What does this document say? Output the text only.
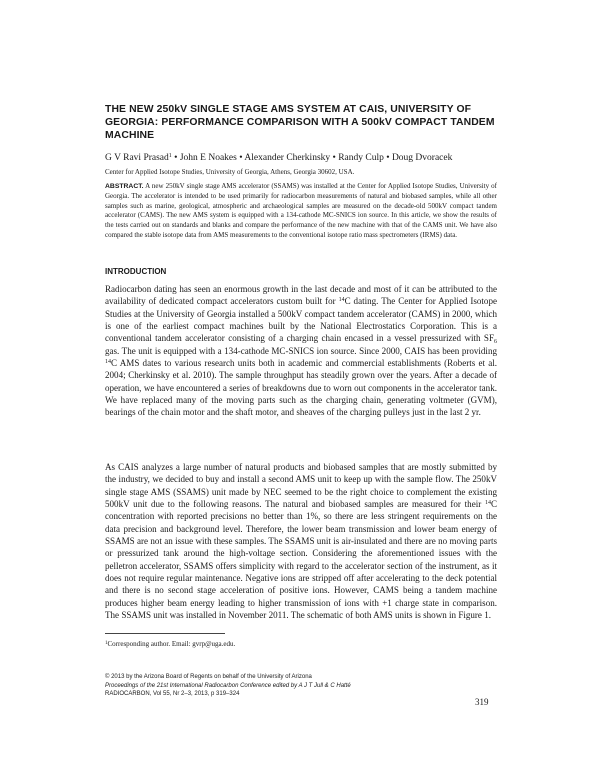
THE NEW 250kV SINGLE STAGE AMS SYSTEM AT CAIS, UNIVERSITY OF GEORGIA: PERFORMANCE COMPARISON WITH A 500kV COMPACT TANDEM MACHINE
G V Ravi Prasad$^1$ • John E Noakes • Alexander Cherkinsky • Randy Culp • Doug Dvoracek
Center for Applied Isotope Studies, University of Georgia, Athens, Georgia 30602, USA.
ABSTRACT. A new 250kV single stage AMS accelerator (SSAMS) was installed at the Center for Applied Isotope Studies, University of Georgia. The accelerator is intended to be used primarily for radiocarbon measurements of natural and biobased samples, while all other samples such as marine, geological, atmospheric and archaeological samples are measured on the decade-old 500kV compact tandem accelerator (CAMS). The new AMS system is equipped with a 134-cathode MC-SNICS ion source. In this article, we show the results of the tests carried out on standards and blanks and compare the performance of the new machine with that of the CAMS unit. We have also compared the stable isotope data from AMS measurements to the conventional isotope ratio mass spectrometers (IRMS) data.
INTRODUCTION
Radiocarbon dating has seen an enormous growth in the last decade and most of it can be attributed to the availability of dedicated compact accelerators custom built for $^{14}$C dating. The Center for Applied Isotope Studies at the University of Georgia installed a 500kV compact tandem accelerator (CAMS) in 2000, which is one of the earliest compact machines built by the National Electrostatics Corporation. This is a conventional tandem accelerator consisting of a charging chain encased in a vessel pressurized with $SF_6$ gas. The unit is equipped with a 134-cathode MC-SNICS ion source. Since 2000, CAIS has been providing $^{14}$C AMS dates to various research units both in academic and commercial establishments (Roberts et al. 2004; Cherkinsky et al. 2010). The sample throughput has steadily grown over the years. After a decade of operation, we have encountered a series of breakdowns due to worn out components in the accelerator tank. We have replaced many of the moving parts such as the charging chain, generating voltmeter (GVM), bearings of the chain motor and the shaft motor, and sheaves of the charging pulleys just in the last 2 yr.
As CAIS analyzes a large number of natural products and biobased samples that are mostly submitted by the industry, we decided to buy and install a second AMS unit to keep up with the sample flow. The 250kV single stage AMS (SSAMS) unit made by NEC seemed to be the right choice to complement the existing 500kV unit due to the following reasons. The natural and biobased samples are measured for their $^{14}$C concentration with reported precisions no better than 1%, so there are less stringent requirements on the data precision and background level. Therefore, the lower beam transmission and lower beam energy of SSAMS are not an issue with these samples. The SSAMS unit is air-insulated and there are no moving parts or pressurized tank around the high-voltage section. Considering the aforementioned issues with the pelletron accelerator, SSAMS offers simplicity with regard to the accelerator section of the instrument, as it does not require regular maintenance. Negative ions are stripped off after accelerating to the deck potential and there is no second stage acceleration of positive ions. However, CAMS being a tandem machine produces higher beam energy leading to higher transmission of ions with +1 charge state in comparison. The SSAMS unit was installed in November 2011. The schematic of both AMS units is shown in Figure 1.
$^1$Corresponding author. Email: gvrp@uga.edu.
© 2013 by the Arizona Board of Regents on behalf of the University of Arizona
Proceedings of the 21st International Radiocarbon Conference edited by A J T Jull & C Hatté
RADIOCARBON, Vol 55, Nr 2–3, 2013, p 319–324
319
